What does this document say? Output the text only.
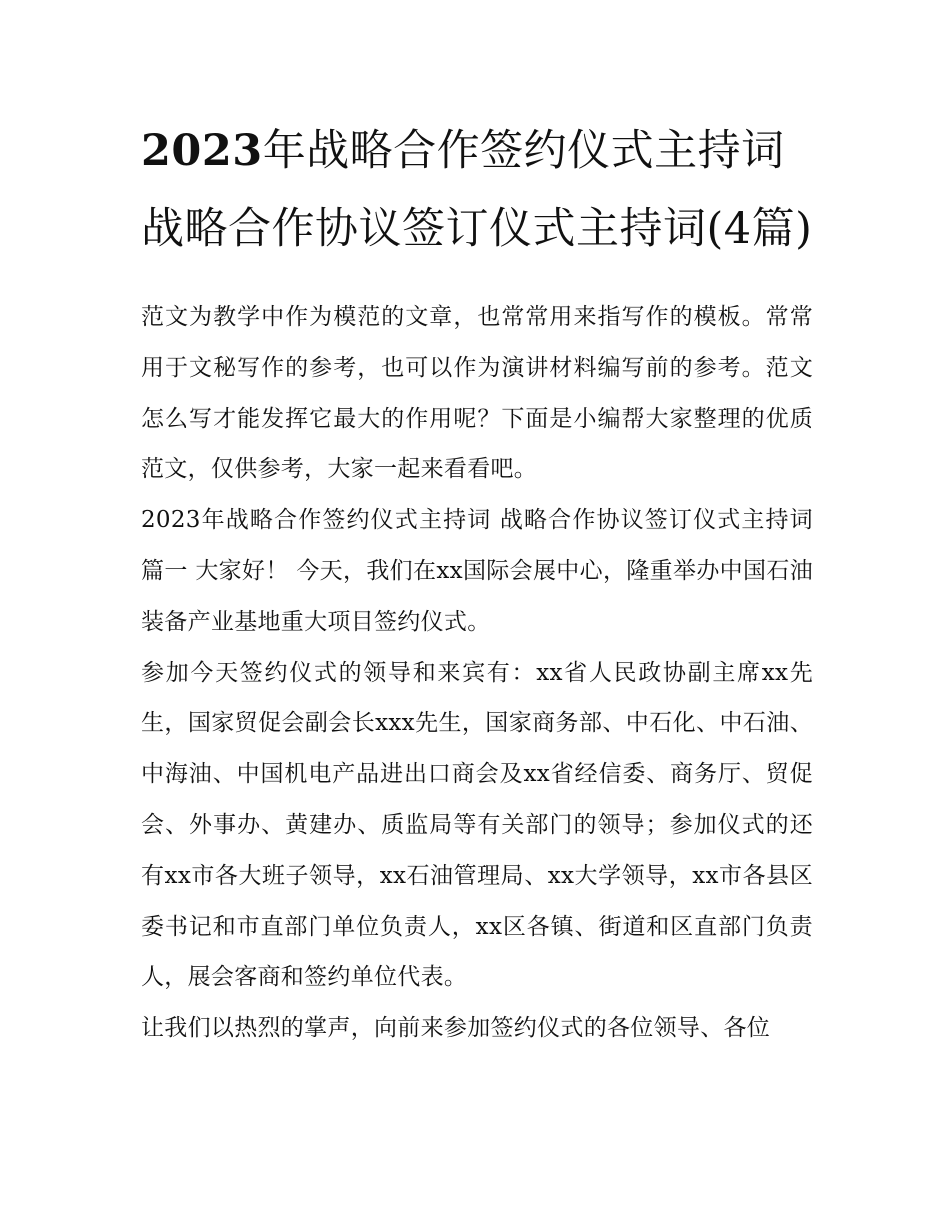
2023年战略合作签约仪式主持词 战略合作协议签订仪式主持词(4篇)

范文为教学中作为模范的文章，也常常用来指写作的模板。常常用于文秘写作的参考，也可以作为演讲材料编写前的参考。范文怎么写才能发挥它最大的作用呢？下面是小编帮大家整理的优质范文，仅供参考，大家一起来看看吧。

2023年战略合作签约仪式主持词 战略合作协议签订仪式主持词篇一 大家好！ 今天，我们在xx国际会展中心，隆重举办中国石油装备产业基地重大项目签约仪式。

参加今天签约仪式的领导和来宾有：xx省人民政协副主席xx先生，国家贸促会副会长xxx先生，国家商务部、中石化、中石油、中海油、中国机电产品进出口商会及xx省经信委、商务厅、贸促会、外事办、黄建办、质监局等有关部门的领导；参加仪式的还有xx市各大班子领导，xx石油管理局、xx大学领导，xx市各县区委书记和市直部门单位负责人，xx区各镇、街道和区直部门负责人，展会客商和签约单位代表。

让我们以热烈的掌声，向前来参加签约仪式的各位领导、各位
